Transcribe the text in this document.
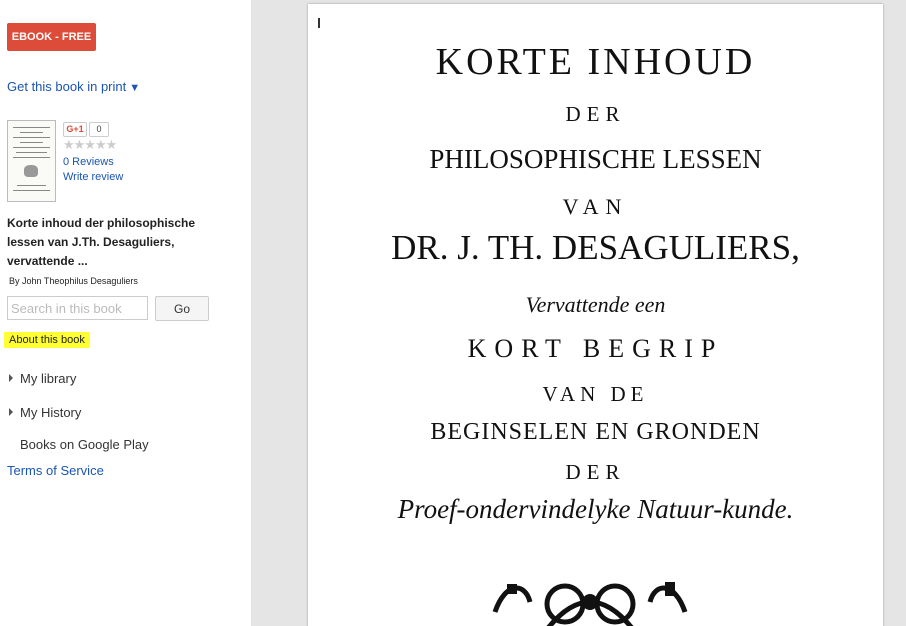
EBOOK - FREE
Get this book in print ▼
G+1 0
★★★★★
0 Reviews
Write review
Korte inhoud der philosophische lessen van J.Th. Desaguliers, vervattende ...
By John Theophilus Desaguliers
Search in this book
Go
About this book
My library
My History
Books on Google Play
Terms of Service
KORTE INHOUD
DER
PHILOSOPHISCHE LESSEN
VAN
DR. J. TH. DESAGULIERS,
Vervattende een
KORT BEGRIP
VAN DE
BEGINSELEN EN GRONDEN
DER
Proef-ondervindelyke Natuur-kunde.
